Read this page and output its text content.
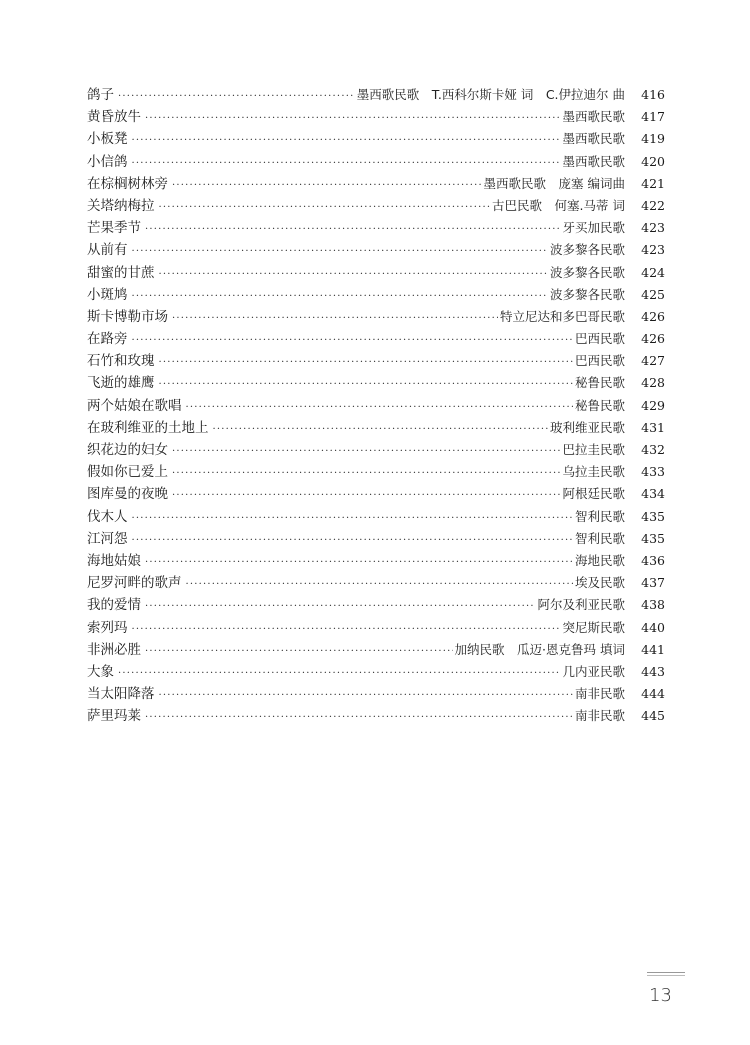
鸽子 ·····	墨西歌民歌　T.西科尔斯卡娅 词　C.伊拉迪尔 曲	416
黄昏放牛 ·····	墨西歌民歌	417
小板凳 ·····	墨西歌民歌	419
小信鸽 ·····	墨西歌民歌	420
在棕榈树林旁 ·····	墨西歌民歌　庞塞 编词曲	421
关塔纳梅拉 ·····	古巴民歌　何塞.马蒂 词	422
芒果季节 ·····	牙买加民歌	423
从前有 ·····	波多黎各民歌	423
甜蜜的甘蔗 ·····	波多黎各民歌	424
小斑鸠 ·····	波多黎各民歌	425
斯卡博勒市场 ·····	特立尼达和多巴哥民歌	426
在路旁 ·····	巴西民歌	426
石竹和玫瑰 ·····	巴西民歌	427
飞逝的雄鹰 ·····	秘鲁民歌	428
两个姑娘在歌唱 ·····	秘鲁民歌	429
在玻利维亚的土地上 ·····	玻利维亚民歌	431
织花边的妇女 ·····	巴拉圭民歌	432
假如你已爱上 ·····	乌拉圭民歌	433
图库曼的夜晚 ·····	阿根廷民歌	434
伐木人 ·····	智利民歌	435
江河怨 ·····	智利民歌	435
海地姑娘 ·····	海地民歌	436
尼罗河畔的歌声 ·····	埃及民歌	437
我的爱情 ·····	阿尔及利亚民歌	438
索列玛 ·····	突尼斯民歌	440
非洲必胜 ·····	加纳民歌　瓜迈·恩克鲁玛 填词	441
大象 ·····	几内亚民歌	443
当太阳降落 ·····	南非民歌	444
萨里玛莱 ·····	南非民歌	445
13
